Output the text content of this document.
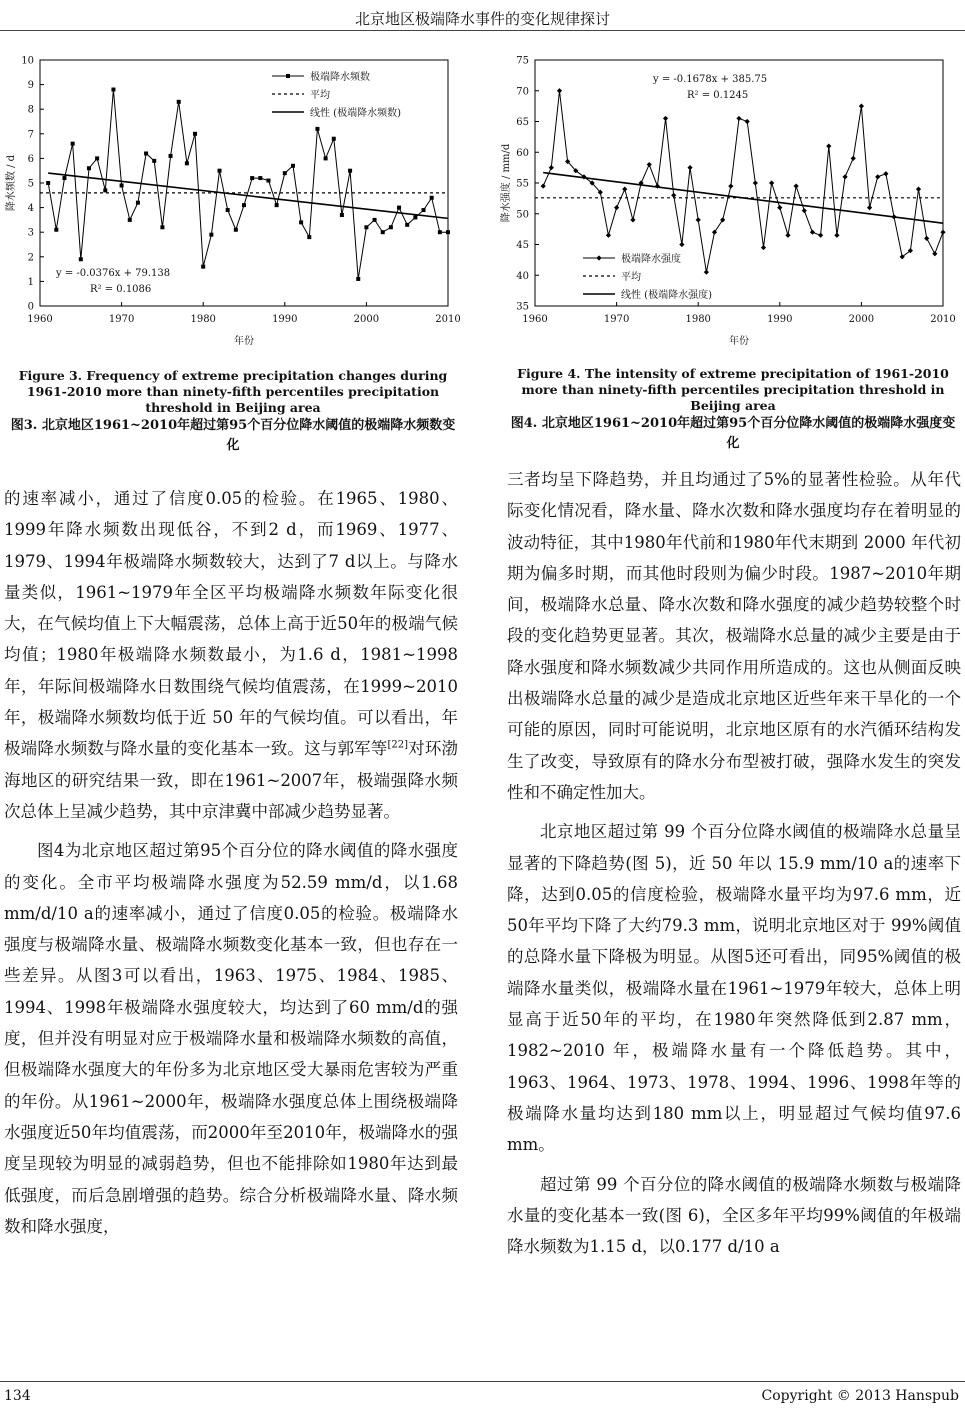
北京地区极端降水事件的变化规律探讨
0
1
2
3
4
5
6
7
8
9
10
1960	1970	1980	1990	2000	2010
年份
降水频数 / d
极端降水频数
平均
线性 (极端降水频数)
y = -0.0376x + 79.138
R² = 0.1086
35
40
45
50
55
60
65
70
75
1960	1970	1980	1990	2000	2010
年份
降水强度 / mm/d
极端降水强度
平均
线性 (极端降水强度)
y = -0.1678x + 385.75
R² = 0.1245
Figure 3. Frequency of extreme precipitation changes during 1961-2010 more than ninety-fifth percentiles precipitation threshold in Beijing area
图3. 北京地区1961~2010年超过第95个百分位降水阈值的极端降水频数变化
Figure 4. The intensity of extreme precipitation of 1961-2010 more than ninety-fifth percentiles precipitation threshold in Beijing area
图4. 北京地区1961~2010年超过第95个百分位降水阈值的极端降水强度变化

的速率减小，通过了信度0.05的检验。在1965、1980、1999年降水频数出现低谷，不到2 d，而1969、1977、1979、1994年极端降水频数较大，达到了7 d以上。与降水量类似，1961~1979年全区平均极端降水频数年际变化很大，在气候均值上下大幅震荡，总体上高于近50年的极端气候均值；1980年极端降水频数最小，为1.6 d，1981~1998年，年际间极端降水日数围绕气候均值震荡，在1999~2010年，极端降水频数均低于近 50 年的气候均值。可以看出，年极端降水频数与降水量的变化基本一致。这与郭军等[22]对环渤海地区的研究结果一致，即在1961~2007年，极端强降水频次总体上呈减少趋势，其中京津冀中部减少趋势显著。

图4为北京地区超过第95个百分位的降水阈值的降水强度的变化。全市平均极端降水强度为52.59 mm/d，以1.68 mm/d/10 a的速率减小，通过了信度0.05的检验。极端降水强度与极端降水量、极端降水频数变化基本一致，但也存在一些差异。从图3可以看出，1963、1975、1984、1985、1994、1998年极端降水强度较大，均达到了60 mm/d的强度，但并没有明显对应于极端降水量和极端降水频数的高值，但极端降水强度大的年份多为北京地区受大暴雨危害较为严重的年份。从1961~2000年，极端降水强度总体上围绕极端降水强度近50年均值震荡，而2000年至2010年，极端降水的强度呈现较为明显的减弱趋势，但也不能排除如1980年达到最低强度，而后急剧增强的趋势。综合分析极端降水量、降水频数和降水强度，

三者均呈下降趋势，并且均通过了5%的显著性检验。从年代际变化情况看，降水量、降水次数和降水强度均存在着明显的波动特征，其中1980年代前和1980年代末期到 2000 年代初期为偏多时期，而其他时段则为偏少时段。1987~2010年期间，极端降水总量、降水次数和降水强度的减少趋势较整个时段的变化趋势更显著。其次，极端降水总量的减少主要是由于降水强度和降水频数减少共同作用所造成的。这也从侧面反映出极端降水总量的减少是造成北京地区近些年来干旱化的一个可能的原因，同时可能说明，北京地区原有的水汽循环结构发生了改变，导致原有的降水分布型被打破，强降水发生的突发性和不确定性加大。

北京地区超过第 99 个百分位降水阈值的极端降水总量呈显著的下降趋势(图 5)，近 50 年以 15.9 mm/10 a的速率下降，达到0.05的信度检验，极端降水量平均为97.6 mm，近50年平均下降了大约79.3 mm，说明北京地区对于 99%阈值的总降水量下降极为明显。从图5还可看出，同95%阈值的极端降水量类似，极端降水量在1961~1979年较大，总体上明显高于近50年的平均，在1980年突然降低到2.87 mm，1982~2010 年，极端降水量有一个降低趋势。其中，1963、1964、1973、1978、1994、1996、1998年等的极端降水量均达到180 mm以上，明显超过气候均值97.6 mm。

超过第 99 个百分位的降水阈值的极端降水频数与极端降水量的变化基本一致(图 6)，全区多年平均99%阈值的年极端降水频数为1.15 d，以0.177 d/10 a

134	Copyright © 2013 Hanspub
